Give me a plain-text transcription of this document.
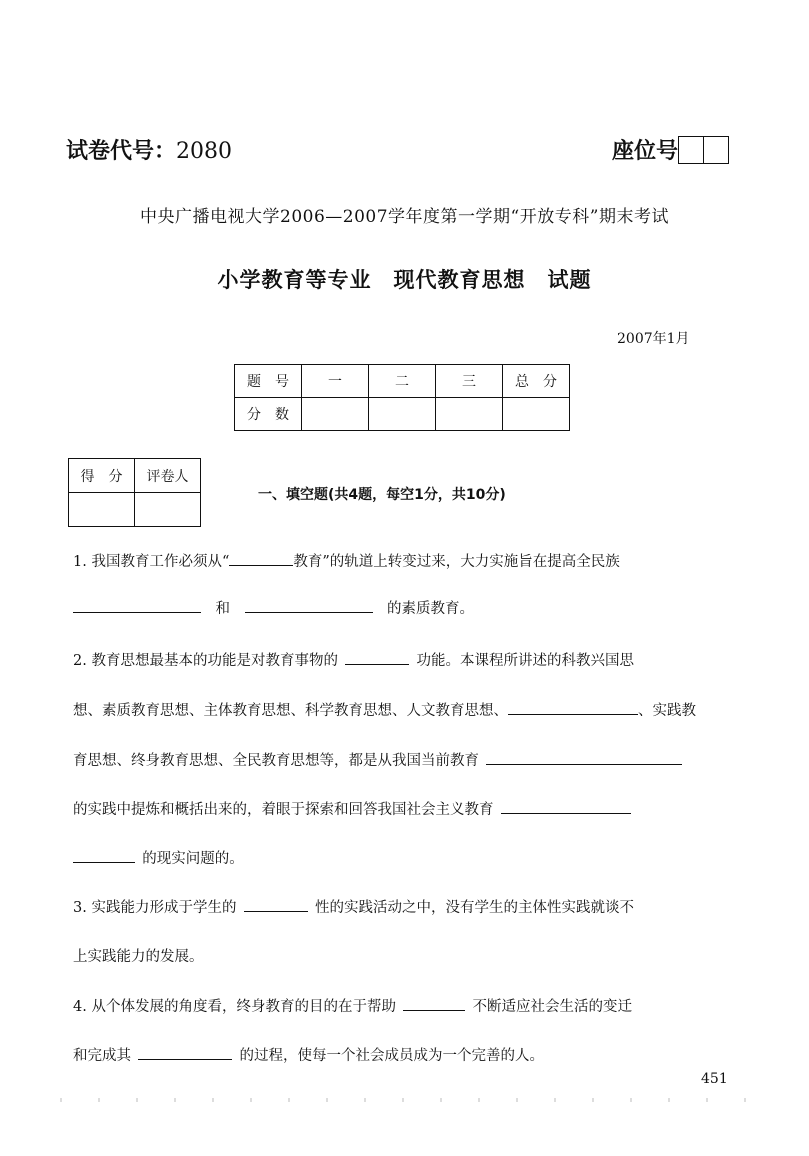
试卷代号：2080	座位号
中央广播电视大学2006—2007学年度第一学期“开放专科”期末考试
小学教育等专业　现代教育思想　试题
2007年1月
题　号	一	二	三	总　分
分　数				
得　分	评卷人

一、填空题(共4题，每空1分，共10分)
1. 我国教育工作必须从“	教育”的轨道上转变过来，大力实施旨在提高全民族
 和  	的素质教育。
2. 教育思想最基本的功能是对教育事物的  	功能。本课程所讲述的科教兴国思
想、素质教育思想、主体教育思想、科学教育思想、人文教育思想、	、实践教
育思想、终身教育思想、全民教育思想等，都是从我国当前教育 
的实践中提炼和概括出来的，着眼于探索和回答我国社会主义教育 
 的现实问题的。
3. 实践能力形成于学生的  	性的实践活动之中，没有学生的主体性实践就谈不
上实践能力的发展。
4. 从个体发展的角度看，终身教育的目的在于帮助  	不断适应社会生活的变迁
和完成其  	的过程，使每一个社会成员成为一个完善的人。
451
